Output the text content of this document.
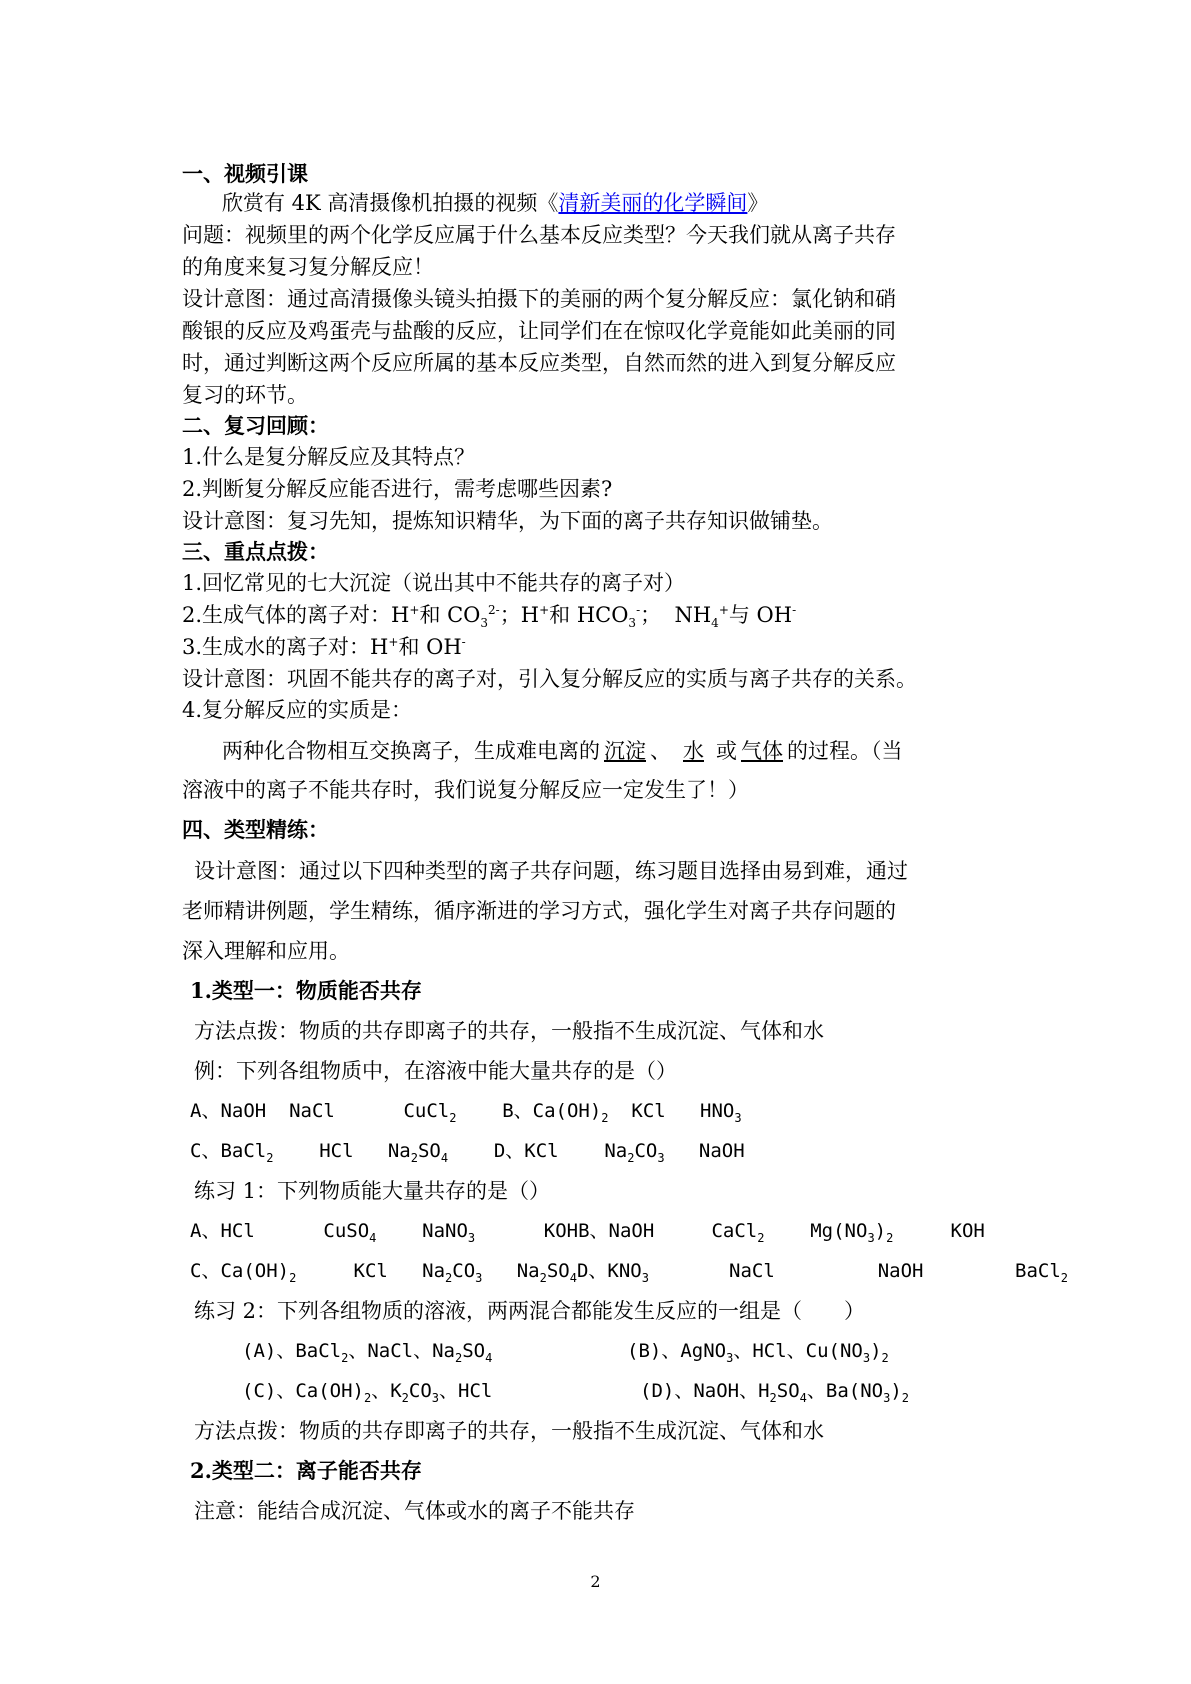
一、视频引课
欣赏有 4K 高清摄像机拍摄的视频《清新美丽的化学瞬间》
问题：视频里的两个化学反应属于什么基本反应类型？今天我们就从离子共存
的角度来复习复分解反应！
设计意图：通过高清摄像头镜头拍摄下的美丽的两个复分解反应：氯化钠和硝
酸银的反应及鸡蛋壳与盐酸的反应，让同学们在在惊叹化学竟能如此美丽的同
时，通过判断这两个反应所属的基本反应类型，自然而然的进入到复分解反应
复习的环节。
二、复习回顾：
1.什么是复分解反应及其特点？
2.判断复分解反应能否进行，需考虑哪些因素?
设计意图：复习先知，提炼知识精华，为下面的离子共存知识做铺垫。
三、重点点拨：
1.回忆常见的七大沉淀（说出其中不能共存的离子对）
2.生成气体的离子对：H+和 $CO_3^{2-}$；H+和 $HCO_3^-$；  $NH_4^+$与 OH-
3.生成水的离子对：H+和 OH-
设计意图：巩固不能共存的离子对，引入复分解反应的实质与离子共存的关系。
4.复分解反应的实质是：
两种化合物相互交换离子，生成难电离的 沉淀 、 水 或 气体 的过程。（当
溶液中的离子不能共存时，我们说复分解反应一定发生了！）
四、类型精练：
设计意图：通过以下四种类型的离子共存问题，练习题目选择由易到难，通过
老师精讲例题，学生精练，循序渐进的学习方式，强化学生对离子共存问题的
深入理解和应用。
1.类型一：物质能否共存
方法点拨：物质的共存即离子的共存，一般指不生成沉淀、气体和水
例：下列各组物质中，在溶液中能大量共存的是（）
A、NaOH  NaCl      CuCl$_2$    B、$Ca(OH)_2$  KCl   $HNO_3$
C、BaCl$_2$    HCl   $Na_2SO_4$    D、KCl    $Na_2CO_3$   NaOH
练习 1：下列物质能大量共存的是（）
A、HCl      CuSO$_4$    NaNO$_3$      KOHB、NaOH     CaCl$_2$    $Mg(NO_3)_2$     KOH
C、$Ca(OH)_2$     KCl   $Na_2CO_3$   $Na_2SO_4D$、$KNO_3$       NaCl         NaOH        BaCl$_2$
练习 2：下列各组物质的溶液，两两混合都能发生反应的一组是（　　）
(A)、BaCl$_2$、NaCl、$Na_2SO_4$	(B)、AgNO$_3$、HCl、$Cu(NO_3)_2$
(C)、$Ca(OH)_2$、$K_2CO_3$、HCl	(D)、NaOH、$H_2SO_4$、$Ba(NO_3)_2$
方法点拨：物质的共存即离子的共存，一般指不生成沉淀、气体和水
2.类型二：离子能否共存
注意：能结合成沉淀、气体或水的离子不能共存
2
